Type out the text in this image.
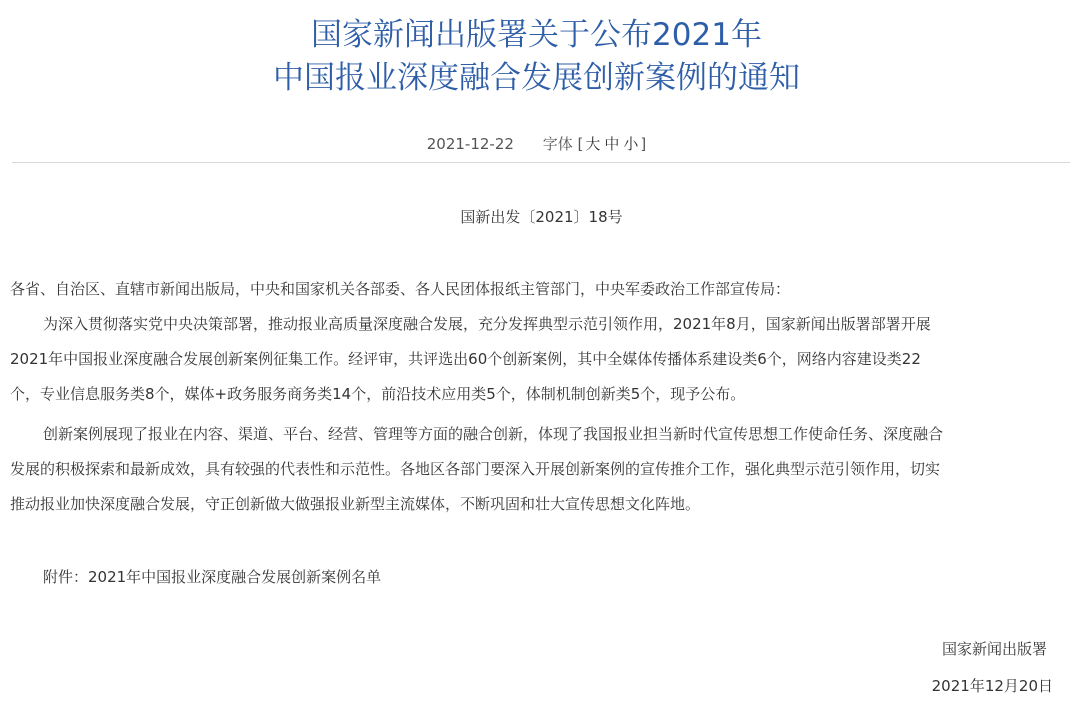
国家新闻出版署关于公布2021年
中国报业深度融合发展创新案例的通知
2021-12-22 字体 [ 大 中 小 ]
国新出发〔2021〕18号
各省、自治区、直辖市新闻出版局，中央和国家机关各部委、各人民团体报纸主管部门，中央军委政治工作部宣传局：
为深入贯彻落实党中央决策部署，推动报业高质量深度融合发展，充分发挥典型示范引领作用，2021年8月，国家新闻出版署部署开展
2021年中国报业深度融合发展创新案例征集工作。经评审，共评选出60个创新案例，其中全媒体传播体系建设类6个，网络内容建设类22
个，专业信息服务类8个，媒体+政务服务商务类14个，前沿技术应用类5个，体制机制创新类5个，现予公布。
创新案例展现了报业在内容、渠道、平台、经营、管理等方面的融合创新，体现了我国报业担当新时代宣传思想工作使命任务、深度融合
发展的积极探索和最新成效，具有较强的代表性和示范性。各地区各部门要深入开展创新案例的宣传推介工作，强化典型示范引领作用，切实
推动报业加快深度融合发展，守正创新做大做强报业新型主流媒体，不断巩固和壮大宣传思想文化阵地。
附件：2021年中国报业深度融合发展创新案例名单
国家新闻出版署
2021年12月20日
